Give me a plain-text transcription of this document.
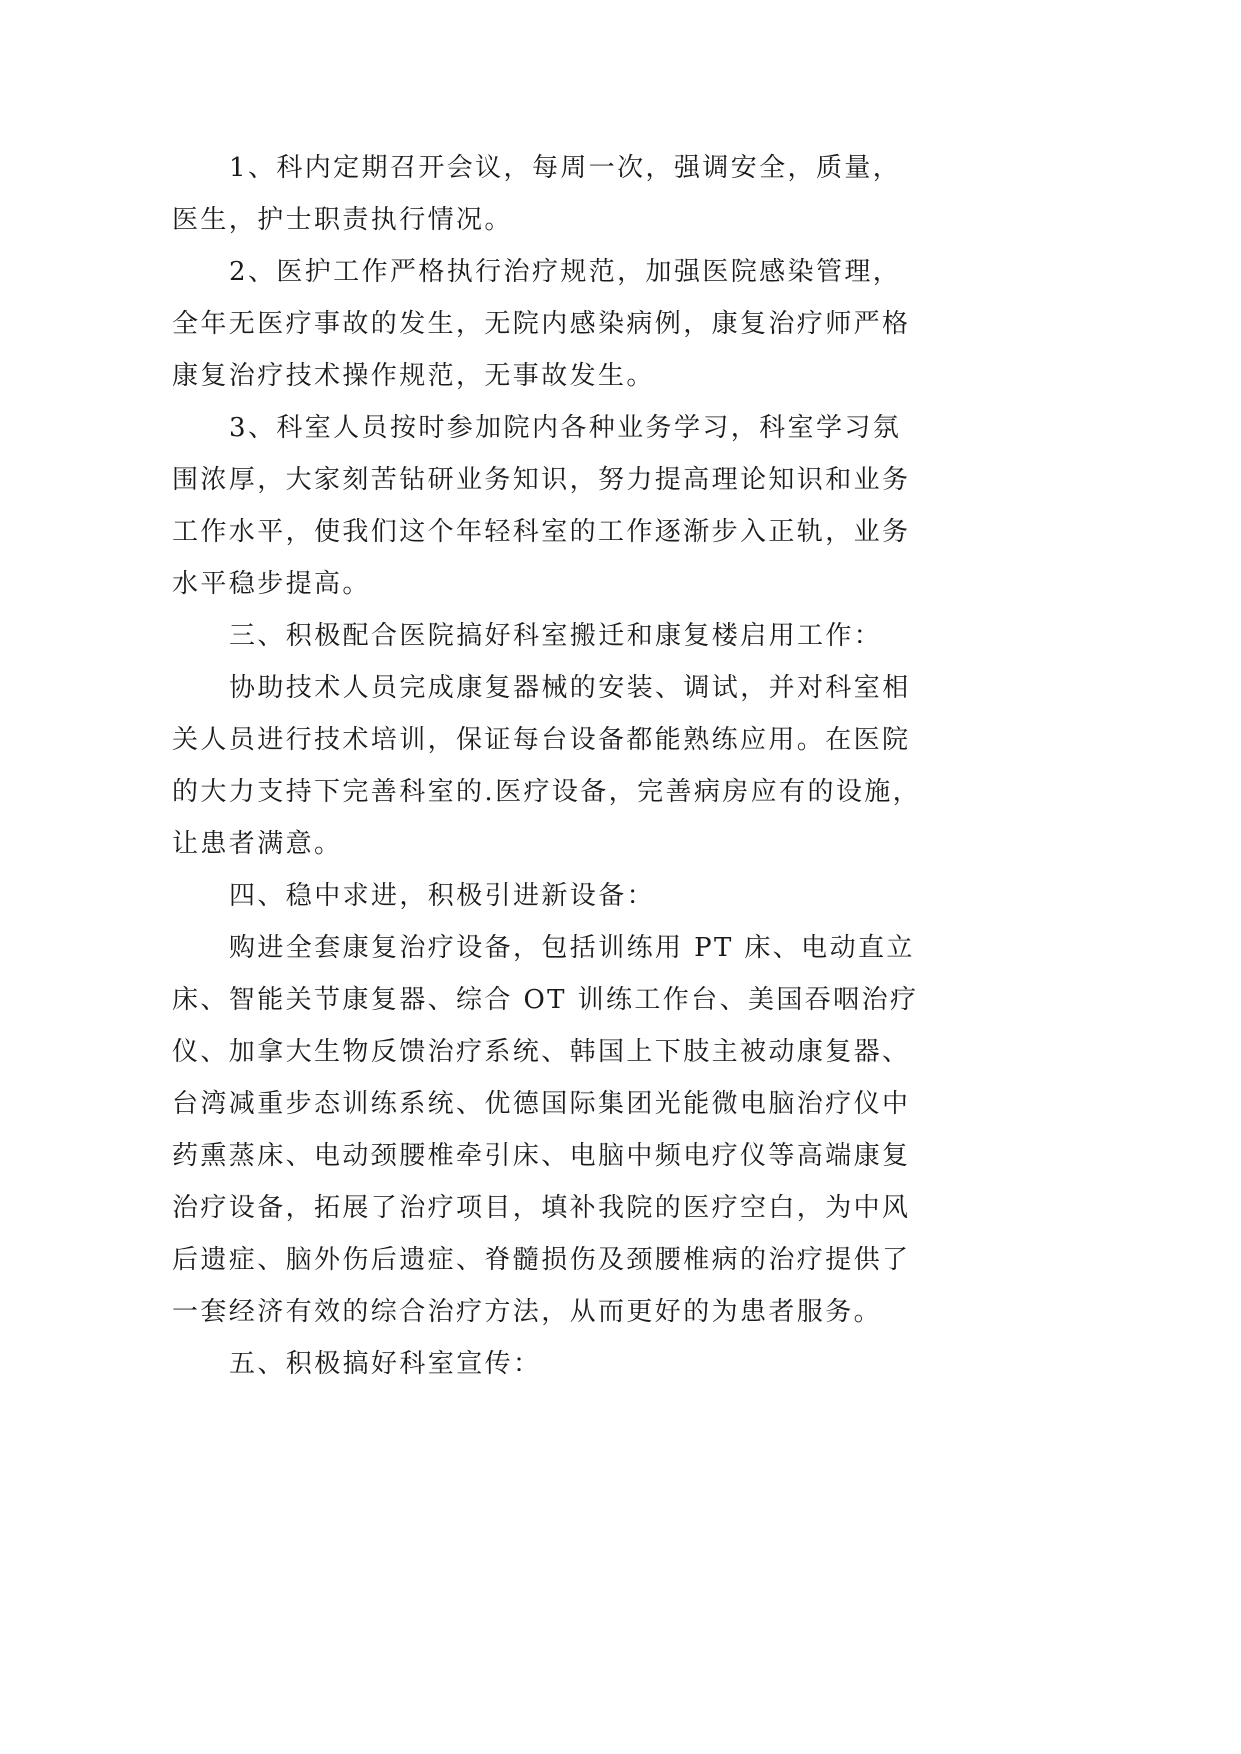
1、科内定期召开会议，每周一次，强调安全，质量，
医生，护士职责执行情况。
2、医护工作严格执行治疗规范，加强医院感染管理，
全年无医疗事故的发生，无院内感染病例，康复治疗师严格
康复治疗技术操作规范，无事故发生。
3、科室人员按时参加院内各种业务学习，科室学习氛
围浓厚，大家刻苦钻研业务知识，努力提高理论知识和业务
工作水平，使我们这个年轻科室的工作逐渐步入正轨，业务
水平稳步提高。
三、积极配合医院搞好科室搬迁和康复楼启用工作：
协助技术人员完成康复器械的安装、调试，并对科室相
关人员进行技术培训，保证每台设备都能熟练应用。在医院
的大力支持下完善科室的.医疗设备，完善病房应有的设施，
让患者满意。
四、稳中求进，积极引进新设备：
购进全套康复治疗设备，包括训练用 PT 床、电动直立
床、智能关节康复器、综合 OT 训练工作台、美国吞咽治疗
仪、加拿大生物反馈治疗系统、韩国上下肢主被动康复器、
台湾减重步态训练系统、优德国际集团光能微电脑治疗仪中
药熏蒸床、电动颈腰椎牵引床、电脑中频电疗仪等高端康复
治疗设备，拓展了治疗项目，填补我院的医疗空白，为中风
后遗症、脑外伤后遗症、脊髓损伤及颈腰椎病的治疗提供了
一套经济有效的综合治疗方法，从而更好的为患者服务。
五、积极搞好科室宣传：
